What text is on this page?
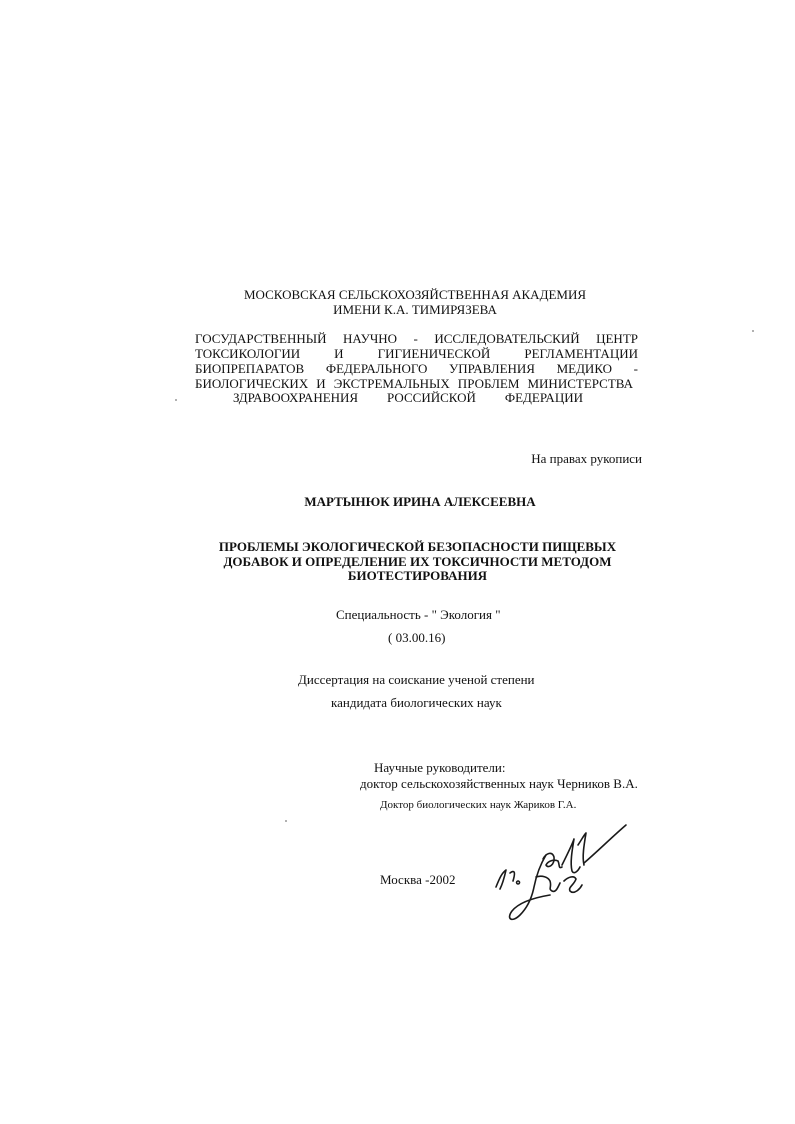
МОСКОВСКАЯ СЕЛЬСКОХОЗЯЙСТВЕННАЯ АКАДЕМИЯ
ИМЕНИ К.А. ТИМИРЯЗЕВА
ГОСУДАРСТВЕННЫЙ НАУЧНО - ИССЛЕДОВАТЕЛЬСКИЙ ЦЕНТР
ТОКСИКОЛОГИИ И ГИГИЕНИЧЕСКОЙ РЕГЛАМЕНТАЦИИ
БИОПРЕПАРАТОВ ФЕДЕРАЛЬНОГО УПРАВЛЕНИЯ МЕДИКО -
БИОЛОГИЧЕСКИХ И ЭКСТРЕМАЛЬНЫХ ПРОБЛЕМ МИНИСТЕРСТВА
ЗДРАВООХРАНЕНИЯ РОССИЙСКОЙ ФЕДЕРАЦИИ
На правах рукописи
МАРТЫНЮК ИРИНА АЛЕКСЕЕВНА
ПРОБЛЕМЫ ЭКОЛОГИЧЕСКОЙ БЕЗОПАСНОСТИ ПИЩЕВЫХ
ДОБАВОК И ОПРЕДЕЛЕНИЕ ИХ ТОКСИЧНОСТИ МЕТОДОМ
БИОТЕСТИРОВАНИЯ
Специальность - " Экология "
( 03.00.16)
Диссертация на соискание ученой степени
кандидата биологических наук
Научные руководители:
доктор сельскохозяйственных наук Черников В.А.
Доктор биологических наук Жариков Г.А.
Москва -2002
